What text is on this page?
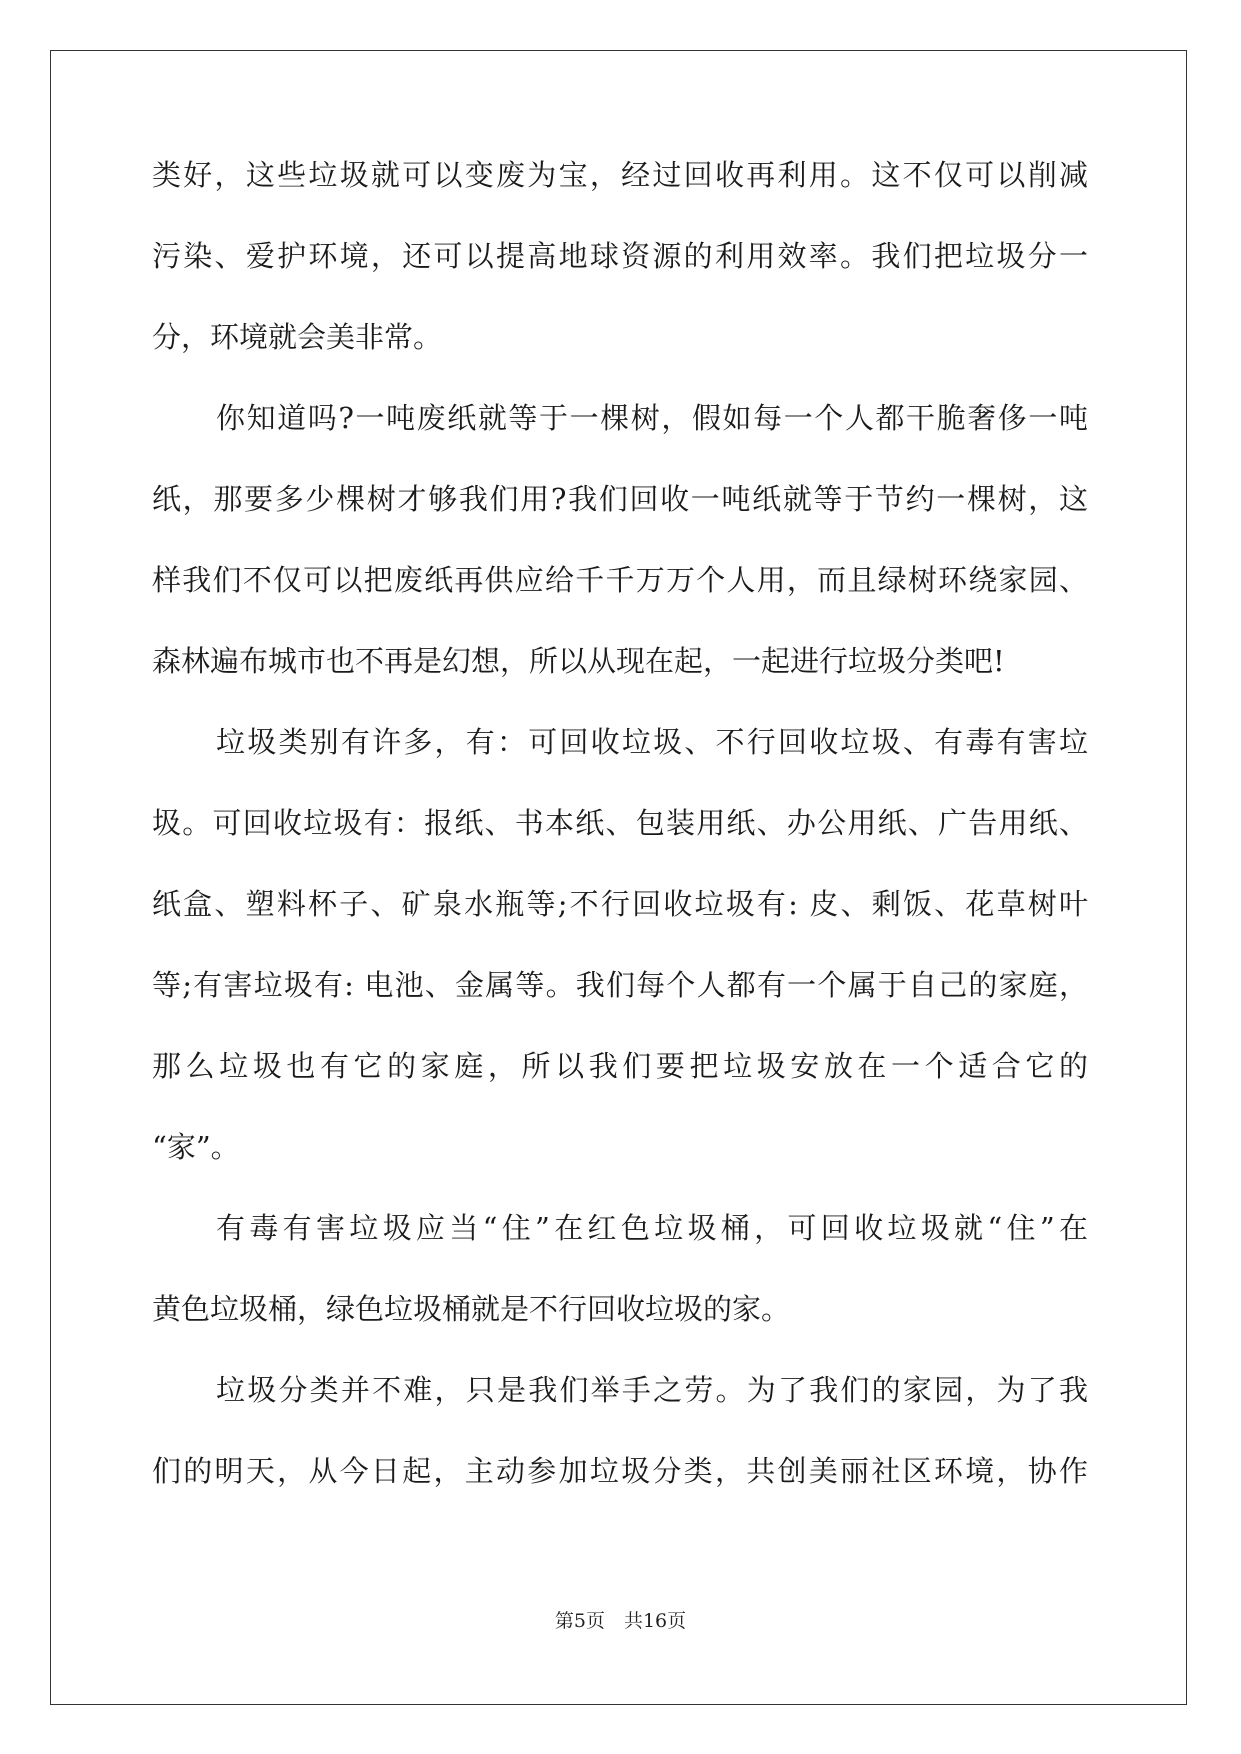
类好，这些垃圾就可以变废为宝，经过回收再利用。这不仅可以削减
污染、爱护环境，还可以提高地球资源的利用效率。我们把垃圾分一
分，环境就会美非常。
你知道吗?一吨废纸就等于一棵树，假如每一个人都干脆奢侈一吨
纸，那要多少棵树才够我们用?我们回收一吨纸就等于节约一棵树，这
样我们不仅可以把废纸再供应给千千万万个人用，而且绿树环绕家园、
森林遍布城市也不再是幻想，所以从现在起，一起进行垃圾分类吧!
垃圾类别有许多，有：可回收垃圾、不行回收垃圾、有毒有害垃
圾。可回收垃圾有：报纸、书本纸、包装用纸、办公用纸、广告用纸、
纸盒、塑料杯子、矿泉水瓶等;不行回收垃圾有: 皮、剩饭、花草树叶
等;有害垃圾有: 电池、金属等。我们每个人都有一个属于自己的家庭，
那么垃圾也有它的家庭，所以我们要把垃圾安放在一个适合它的
“家”。
有毒有害垃圾应当“住”在红色垃圾桶，可回收垃圾就“住”在
黄色垃圾桶，绿色垃圾桶就是不行回收垃圾的家。
垃圾分类并不难，只是我们举手之劳。为了我们的家园，为了我
们的明天，从今日起，主动参加垃圾分类，共创美丽社区环境，协作
第5页　共16页
